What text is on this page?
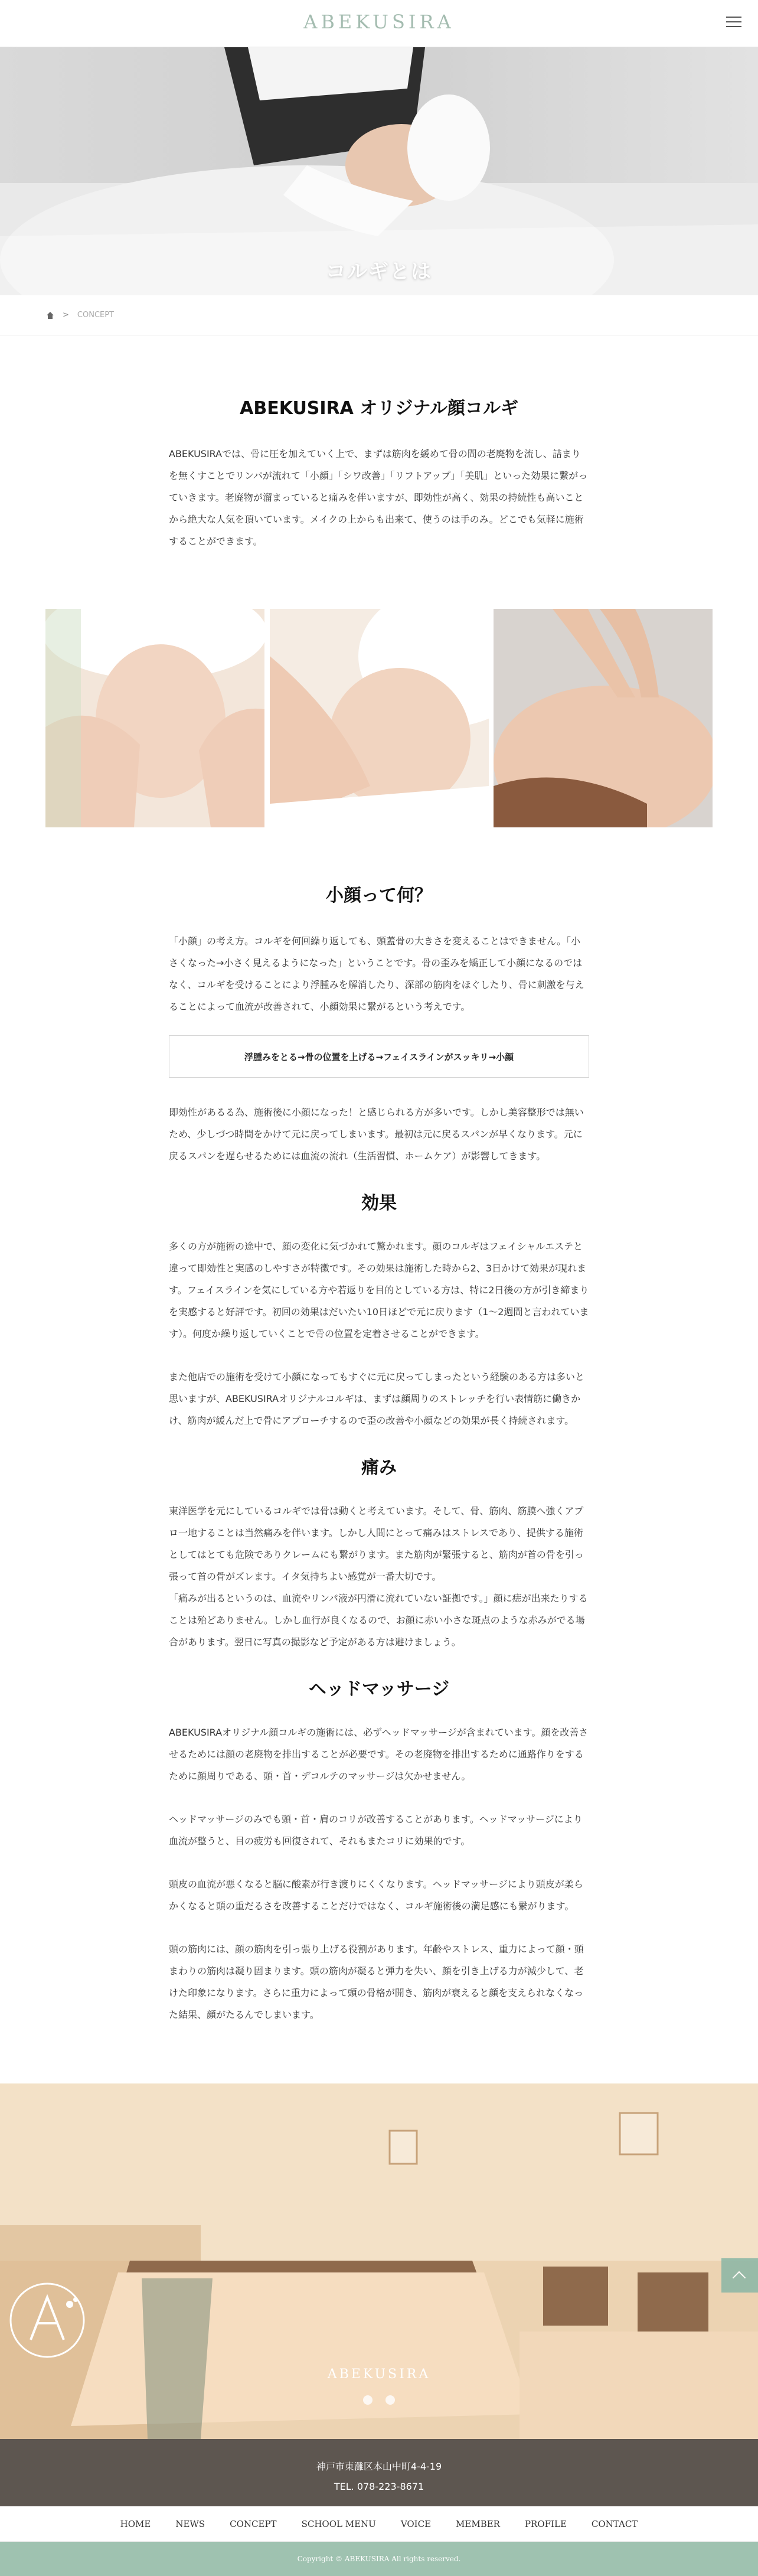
ABEKUSIRA
コルギとは
> CONCEPT
ABEKUSIRA オリジナル顔コルギ

ABEKUSIRAでは、骨に圧を加えていく上で、まずは筋肉を緩めて骨の間の老廃物を流し、詰まりを無くすことでリンパが流れて「小顔」「シワ改善」「リフトアップ」「美肌」といった効果に繋がっていきます。老廃物が溜まっていると痛みを伴いますが、即効性が高く、効果の持続性も高いことから絶大な人気を頂いています。メイクの上からも出来て、使うのは手のみ。どこでも気軽に施術することができます。

小顔って何？

「小顔」の考え方。コルギを何回繰り返しても、頭蓋骨の大きさを変えることはできません。「小さくなった→小さく見えるようになった」ということです。骨の歪みを矯正して小顔になるのではなく、コルギを受けることにより浮腫みを解消したり、深部の筋肉をほぐしたり、骨に刺激を与えることによって血流が改善されて、小顔効果に繋がるという考えです。

浮腫みをとる→骨の位置を上げる→フェイスラインがスッキリ→小顔

即効性があるる為、施術後に小顔になった！と感じられる方が多いです。しかし美容整形では無いため、少しづつ時間をかけて元に戻ってしまいます。最初は元に戻るスパンが早くなります。元に戻るスパンを遅らせるためには血流の流れ（生活習慣、ホームケア）が影響してきます。

効果

多くの方が施術の途中で、顔の変化に気づかれて驚かれます。顔のコルギはフェイシャルエステと違って即効性と実感のしやすさが特徴です。その効果は施術した時から2、3日かけて効果が現れます。フェイスラインを気にしている方や若返りを目的としている方は、特に2日後の方が引き締まりを実感すると好評です。初回の効果はだいたい10日ほどで元に戻ります（1〜2週間と言われています）。何度か繰り返していくことで骨の位置を定着させることができます。

また他店での施術を受けて小顔になってもすぐに元に戻ってしまったという経験のある方は多いと思いますが、ABEKUSIRAオリジナルコルギは、まずは顔周りのストレッチを行い表情筋に働きかけ、筋肉が緩んだ上で骨にアプローチするので歪の改善や小顔などの効果が長く持続されます。

痛み

東洋医学を元にしているコルギでは骨は動くと考えています。そして、骨、筋肉、筋膜へ強くアプロ一地することは当然痛みを伴います。しかし人間にとって痛みはストレスであり、提供する施術としてはとても危険でありクレームにも繋がります。また筋肉が緊張すると、筋肉が首の骨を引っ張って首の骨がズレます。イタ気持ちよい感覚が一番大切です。

「痛みが出るというのは、血流やリンパ液が円滑に流れていない証拠です。」顔に痣が出来たりすることは殆どありません。しかし血行が良くなるので、お顔に赤い小さな斑点のような赤みがでる場合があります。翌日に写真の撮影など予定がある方は避けましょう。

ヘッドマッサージ

ABEKUSIRAオリジナル顔コルギの施術には、必ずヘッドマッサージが含まれています。顔を改善させるためには顔の老廃物を排出することが必要です。その老廃物を排出するために通路作りをするために顔周りである、頭・首・デコルテのマッサージは欠かせません。

ヘッドマッサージのみでも頭・首・肩のコリが改善することがあります。ヘッドマッサージにより血流が整うと、目の疲労も回復されて、それもまたコリに効果的です。

頭皮の血流が悪くなると脳に酸素が行き渡りにくくなります。ヘッドマッサージにより頭皮が柔らかくなると頭の重だるさを改善することだけではなく、コルギ施術後の満足感にも繋がります。

頭の筋肉には、顔の筋肉を引っ張り上げる役割があります。年齢やストレス、重力によって顔・頭まわりの筋肉は凝り固まります。頭の筋肉が凝ると弾力を失い、顔を引き上げる力が減少して、老けた印象になります。さらに重力によって頭の骨格が開き、筋肉が衰えると顔を支えられなくなった結果、顔がたるんでしまいます。

ABEKUSIRA

神戸市東灘区本山中町4-4-19
TEL. 078-223-8671
HOME	NEWS	CONCEPT	SCHOOL MENU	VOICE	MEMBER	PROFILE	CONTACT
Copyright © ABEKUSIRA All rights reserved.
